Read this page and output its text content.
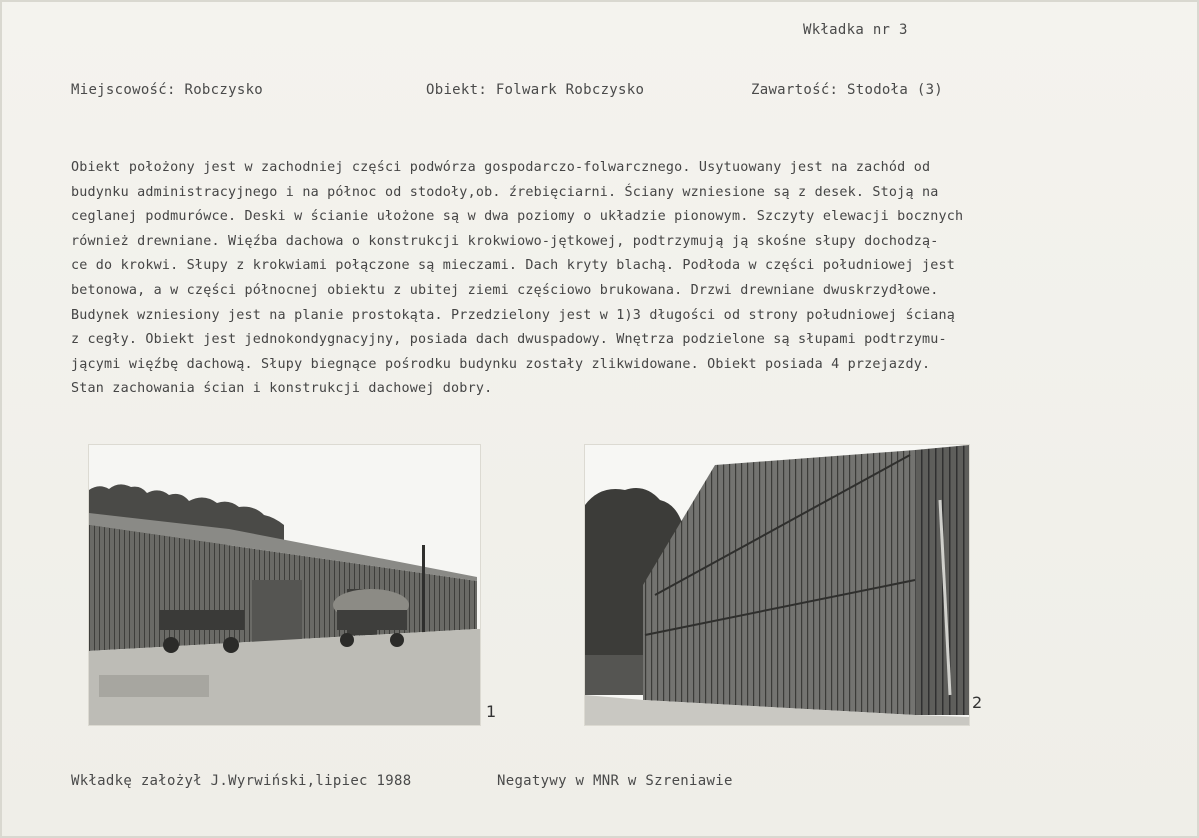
Wkładka nr 3
Miejscowość: Robczysko	Obiekt: Folwark Robczysko	Zawartość: Stodoła (3)
Obiekt położony jest w zachodniej części podwórza gospodarczo-folwarcznego. Usytuowany jest na zachód od
budynku administracyjnego i na północ od stodoły,ob. źrebięciarni. Ściany wzniesione są z desek. Stoją na
ceglanej podmurówce. Deski w ścianie ułożone są w dwa poziomy o układzie pionowym. Szczyty elewacji bocznych
również drewniane. Więźba dachowa o konstrukcji krokwiowo-jętkowej, podtrzymują ją skośne słupy dochodzą-
ce do krokwi. Słupy z krokwiami połączone są mieczami. Dach kryty blachą. Podłoda w części południowej jest
betonowa, a w części północnej obiektu z ubitej ziemi częściowo brukowana. Drzwi drewniane dwuskrzydłowe.
Budynek wzniesiony jest na planie prostokąta. Przedzielony jest w 1)3 długości od strony południowej ścianą
z cegły. Obiekt jest jednokondygnacyjny, posiada dach dwuspadowy. Wnętrza podzielone są słupami podtrzymu-
jącymi więźbę dachową. Słupy biegnące pośrodku budynku zostały zlikwidowane. Obiekt posiada 4 przejazdy.
Stan zachowania ścian i konstrukcji dachowej dobry.
1	2
Wkładkę założył J.Wyrwiński,lipiec 1988	Negatywy w MNR w Szreniawie
